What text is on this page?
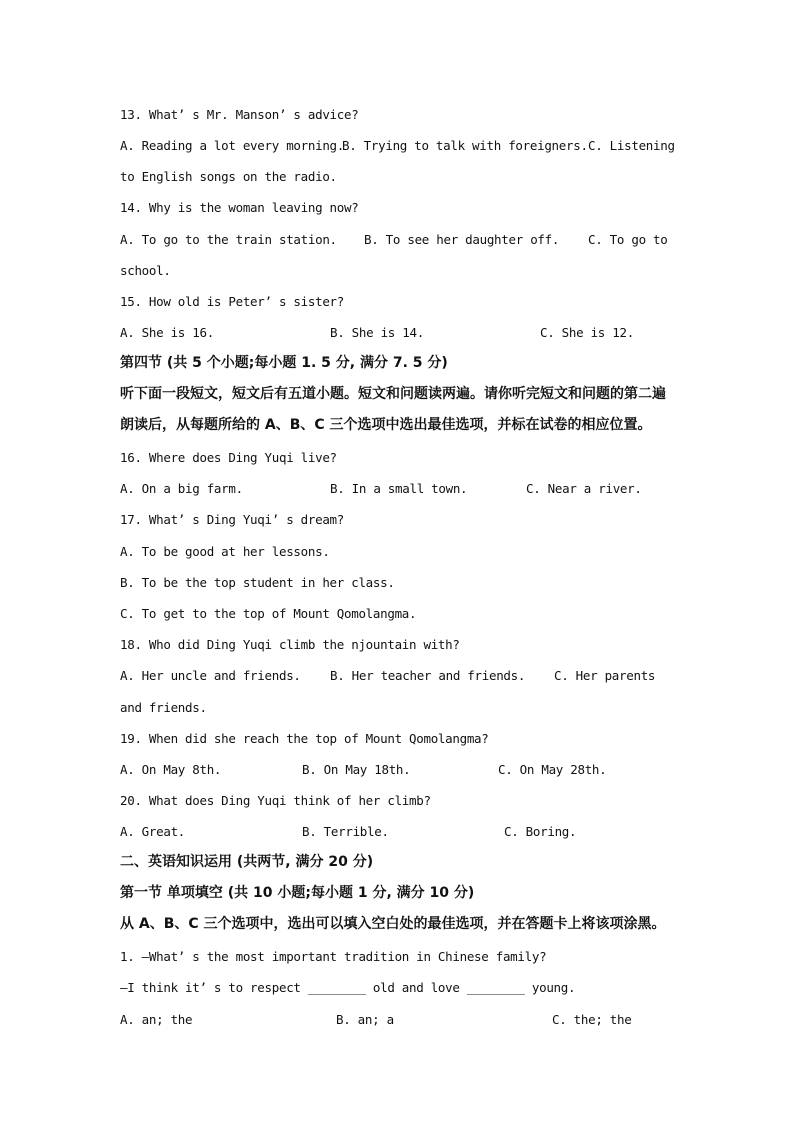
13. What’ s Mr. Manson’ s advice?

A. Reading a lot every morning.

B. Trying to talk with foreigners.

C. Listening

to English songs on the radio.
14. Why is the woman leaving now?

A. To go to the train station.

B. To see her daughter off.

C. To go to

school.
15. How old is Peter’ s sister?

A. She is 16.

	B. She is 14.

	C. She is 12.

第四节 (共 5 个小题;每小题 1. 5 分, 满分 7. 5 分)
听下面一段短文，短文后有五道小题。短文和问题读两遍。请你听完短文和问题的第二遍
朗读后，从每题所给的 A、B、C 三个选项中选出最佳选项，并标在试卷的相应位置。
16. Where does Ding Yuqi live?

A. On a big farm.

	B. In a small town.

	C. Near a river.

17. What’ s Ding Yuqi’ s dream?
A. To be good at her lessons.
B. To be the top student in her class.
C. To get to the top of Mount Qomolangma.
18. Who did Ding Yuqi climb the njountain with?

A. Her uncle and friends.

B. Her teacher and friends.

C. Her parents

and friends.
19. When did she reach the top of Mount Qomolangma?

A. On May 8th.

	B. On May 18th.

	C. On May 28th.

20. What does Ding Yuqi think of her climb?

A. Great.

	B. Terrible.

	C. Boring.

二、英语知识运用 (共两节, 满分 20 分)
第一节 单项填空 (共 10 小题;每小题 1 分, 满分 10 分)
从 A、B、C 三个选项中，选出可以填入空白处的最佳选项，并在答题卡上将该项涂黑。
1. —What’ s the most important tradition in Chinese family?
—I think it’ s to respect ________ old and love ________ young.

A. an; the

	B. an; a

	C. the; the
